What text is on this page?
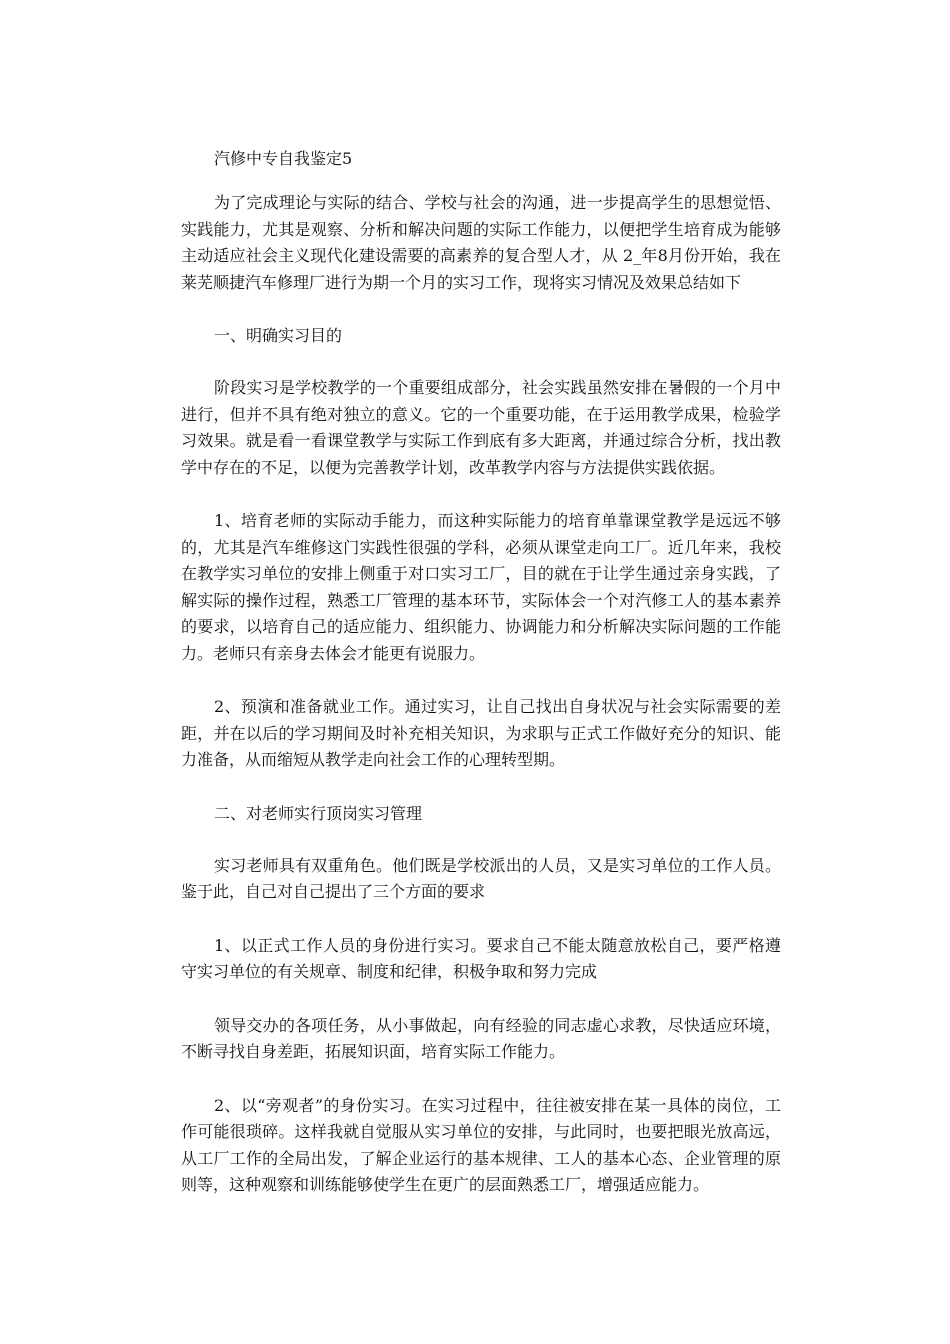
汽修中专自我鉴定5

为了完成理论与实际的结合、学校与社会的沟通，进一步提高学生的思想觉悟、实践能力，尤其是观察、分析和解决问题的实际工作能力，以便把学生培育成为能够主动适应社会主义现代化建设需要的高素养的复合型人才，从 2_年8月份开始，我在莱芜顺捷汽车修理厂进行为期一个月的实习工作，现将实习情况及效果总结如下

一、明确实习目的

阶段实习是学校教学的一个重要组成部分，社会实践虽然安排在暑假的一个月中进行，但并不具有绝对独立的意义。它的一个重要功能，在于运用教学成果，检验学习效果。就是看一看课堂教学与实际工作到底有多大距离，并通过综合分析，找出教学中存在的不足，以便为完善教学计划，改革教学内容与方法提供实践依据。

1、培育老师的实际动手能力，而这种实际能力的培育单靠课堂教学是远远不够的，尤其是汽车维修这门实践性很强的学科，必须从课堂走向工厂。近几年来，我校在教学实习单位的安排上侧重于对口实习工厂，目的就在于让学生通过亲身实践，了解实际的操作过程，熟悉工厂管理的基本环节，实际体会一个对汽修工人的基本素养的要求，以培育自己的适应能力、组织能力、协调能力和分析解决实际问题的工作能力。老师只有亲身去体会才能更有说服力。

2、预演和准备就业工作。通过实习，让自己找出自身状况与社会实际需要的差距，并在以后的学习期间及时补充相关知识，为求职与正式工作做好充分的知识、能力准备，从而缩短从教学走向社会工作的心理转型期。

二、对老师实行顶岗实习管理

实习老师具有双重角色。他们既是学校派出的人员，又是实习单位的工作人员。鉴于此，自己对自己提出了三个方面的要求

1、以正式工作人员的身份进行实习。要求自己不能太随意放松自己，要严格遵守实习单位的有关规章、制度和纪律，积极争取和努力完成

领导交办的各项任务，从小事做起，向有经验的同志虚心求教，尽快适应环境，不断寻找自身差距，拓展知识面，培育实际工作能力。

2、以“旁观者”的身份实习。在实习过程中，往往被安排在某一具体的岗位，工作可能很琐碎。这样我就自觉服从实习单位的安排，与此同时，也要把眼光放高远，从工厂工作的全局出发，了解企业运行的基本规律、工人的基本心态、企业管理的原则等，这种观察和训练能够使学生在更广的层面熟悉工厂，增强适应能力。
